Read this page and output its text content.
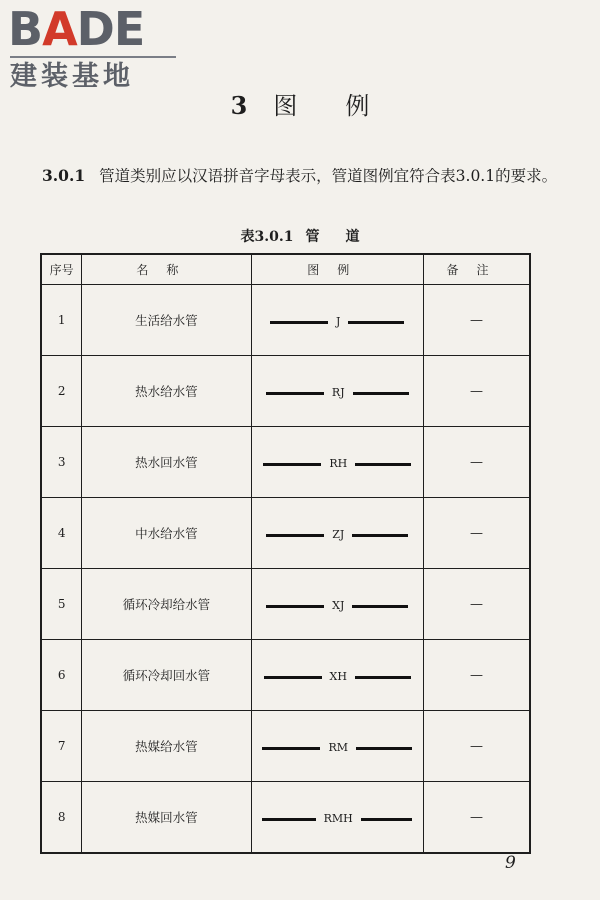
BADE
建装基地
3 图 例
3.0.1 管道类别应以汉语拼音字母表示，管道图例宜符合表3.0.1的要求。
表3.0.1 管 道
序号	名称	图例	备注
1	生活给水管	J	—
2	热水给水管	RJ	—
3	热水回水管	RH	—
4	中水给水管	ZJ	—
5	循环冷却给水管	XJ	—
6	循环冷却回水管	XH	—
7	热媒给水管	RM	—
8	热媒回水管	RMH	—
9
